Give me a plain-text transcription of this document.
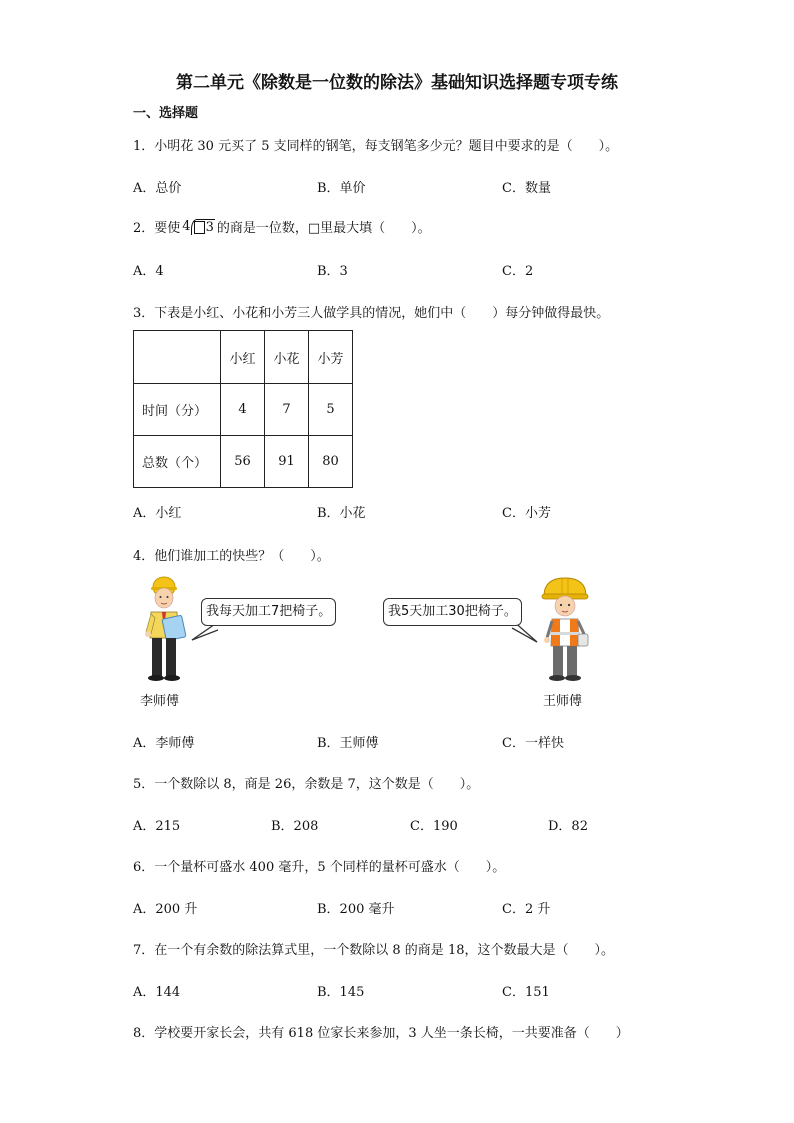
第二单元《除数是一位数的除法》基础知识选择题专项专练
一、选择题
1．小明花 30 元买了 5 支同样的钢笔，每支钢笔多少元？题目中要求的是（　　）。
A．总价	B．单价	C．数量
2．要使 4	3 的商是一位数，□里最大填（　　）。
A．4	B．3	C．2
3．下表是小红、小花和小芳三人做学具的情况，她们中（　　）每分钟做得最快。
	小红	小花	小芳
时间（分）	4	7	5
总数（个）	56	91	80
A．小红	B．小花	C．小芳
4．他们谁加工的快些？（　　）。
我每天加工7把椅子。
李师傅
我5天加工30把椅子。
王师傅
A．李师傅	B．王师傅	C．一样快
5．一个数除以 8，商是 26，余数是 7，这个数是（　　）。
A．215	B．208	C．190	D．82
6．一个量杯可盛水 400 毫升，5 个同样的量杯可盛水（　　）。
A．200 升	B．200 毫升	C．2 升
7．在一个有余数的除法算式里，一个数除以 8 的商是 18，这个数最大是（　　）。
A．144	B．145	C．151
8．学校要开家长会，共有 618 位家长来参加，3 人坐一条长椅，一共要准备（　　）
